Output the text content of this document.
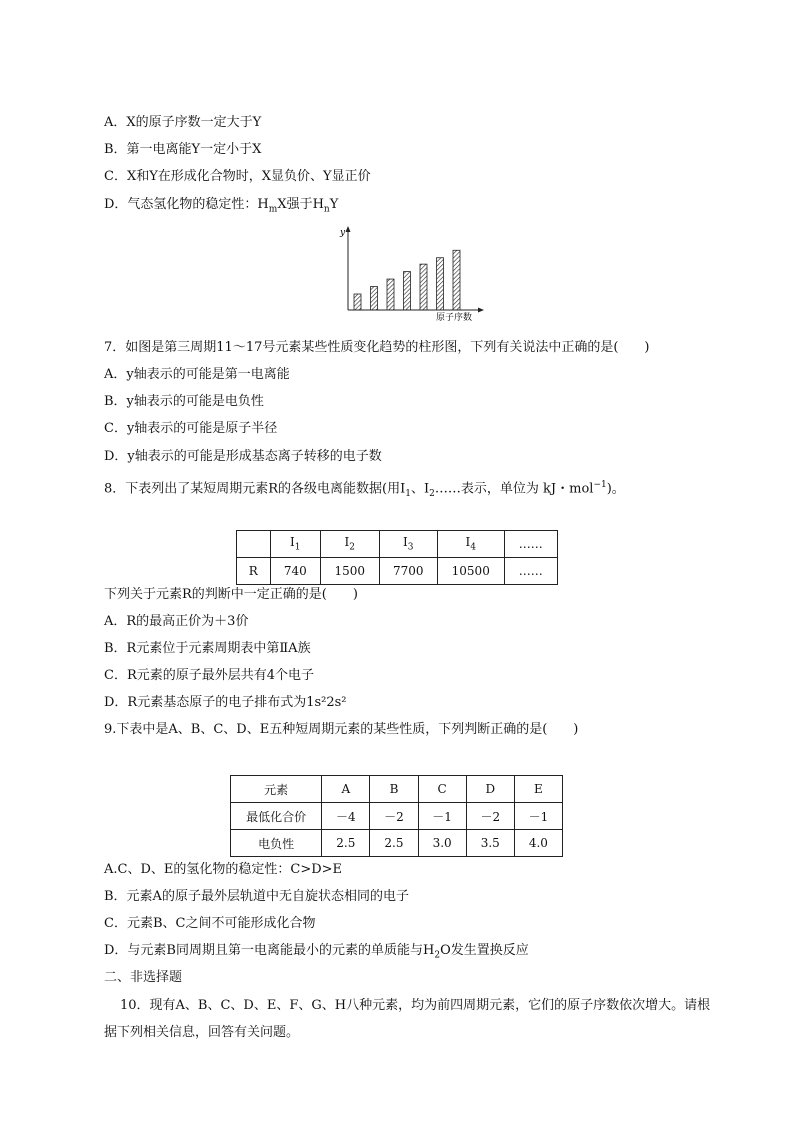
A．X的原子序数一定大于Y
B．第一电离能Y一定小于X
C．X和Y在形成化合物时，X显负价、Y显正价
D．气态氢化物的稳定性：$H_mX$强于$H_nY$
y
原子序数
7．如图是第三周期11～17号元素某些性质变化趋势的柱形图，下列有关说法中正确的是(　　)
A．y轴表示的可能是第一电离能
B．y轴表示的可能是电负性
C．y轴表示的可能是原子半径
D．y轴表示的可能是形成基态离子转移的电子数
8．下表列出了某短周期元素R的各级电离能数据(用$I_1$、$I_2\dots\dots$表示，单位为 kJ・mol$^{-1}$)。
	$I_1$	$I_2$	$I_3$	$I_4$	……
R	740	1500	7700	10500	……
下列关于元素R的判断中一定正确的是(　　)
A．R的最高正价为＋3价
B．R元素位于元素周期表中第ⅡA族
C．R元素的原子最外层共有4个电子
D．R元素基态原子的电子排布式为1s²2s²
9.下表中是A、B、C、D、E五种短周期元素的某些性质，下列判断正确的是(　　)
元素	A	B	C	D	E
最低化合价	－4	－2	－1	－2	－1
电负性	2.5	2.5	3.0	3.5	4.0
A.C、D、E的氢化物的稳定性：C>D>E
B．元素A的原子最外层轨道中无自旋状态相同的电子
C．元素B、C之间不可能形成化合物
D．与元素B同周期且第一电离能最小的元素的单质能与$H_2O$发生置换反应
二、非选择题
10．现有A、B、C、D、E、F、G、H八种元素，均为前四周期元素，它们的原子序数依次增大。请根
据下列相关信息，回答有关问题。
